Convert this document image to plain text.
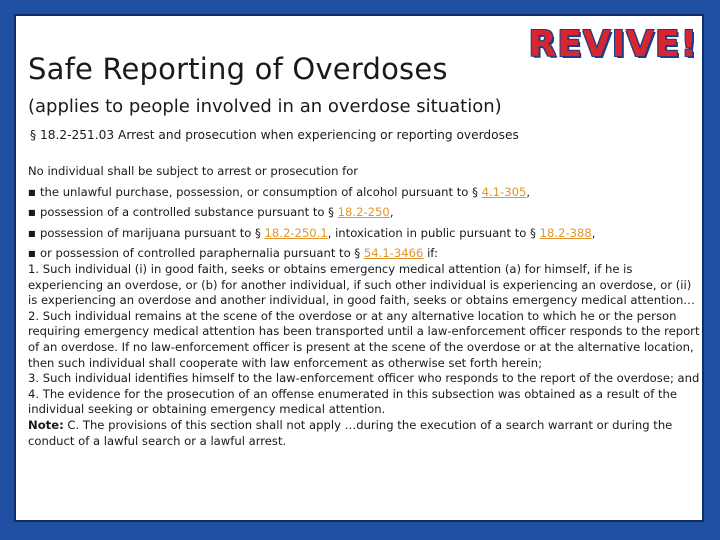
REVIVE!
Safe Reporting of Overdoses
(applies to people involved in an overdose situation)
§ 18.2-251.03 Arrest and prosecution when experiencing or reporting overdoses
No individual shall be subject to arrest or prosecution for
■ the unlawful purchase, possession, or consumption of alcohol pursuant to § 4.1-305,
■ possession of a controlled substance pursuant to § 18.2-250,
■ possession of marijuana pursuant to § 18.2-250.1, intoxication in public pursuant to § 18.2-388,
■ or possession of controlled paraphernalia pursuant to § 54.1-3466 if:

1. Such individual (i) in good faith, seeks or obtains emergency medical attention (a) for himself, if he is experiencing an overdose, or (b) for another individual, if such other individual is experiencing an overdose, or (ii) is experiencing an overdose and another individual, in good faith, seeks or obtains emergency medical attention…

2. Such individual remains at the scene of the overdose or at any alternative location to which he or the person requiring emergency medical attention has been transported until a law-enforcement officer responds to the report of an overdose. If no law-enforcement officer is present at the scene of the overdose or at the alternative location, then such individual shall cooperate with law enforcement as otherwise set forth herein;

3. Such individual identifies himself to the law-enforcement officer who responds to the report of the overdose; and

4. The evidence for the prosecution of an offense enumerated in this subsection was obtained as a result of the individual seeking or obtaining emergency medical attention.

Note: C. The provisions of this section shall not apply …during the execution of a search warrant or during the conduct of a lawful search or a lawful arrest.
